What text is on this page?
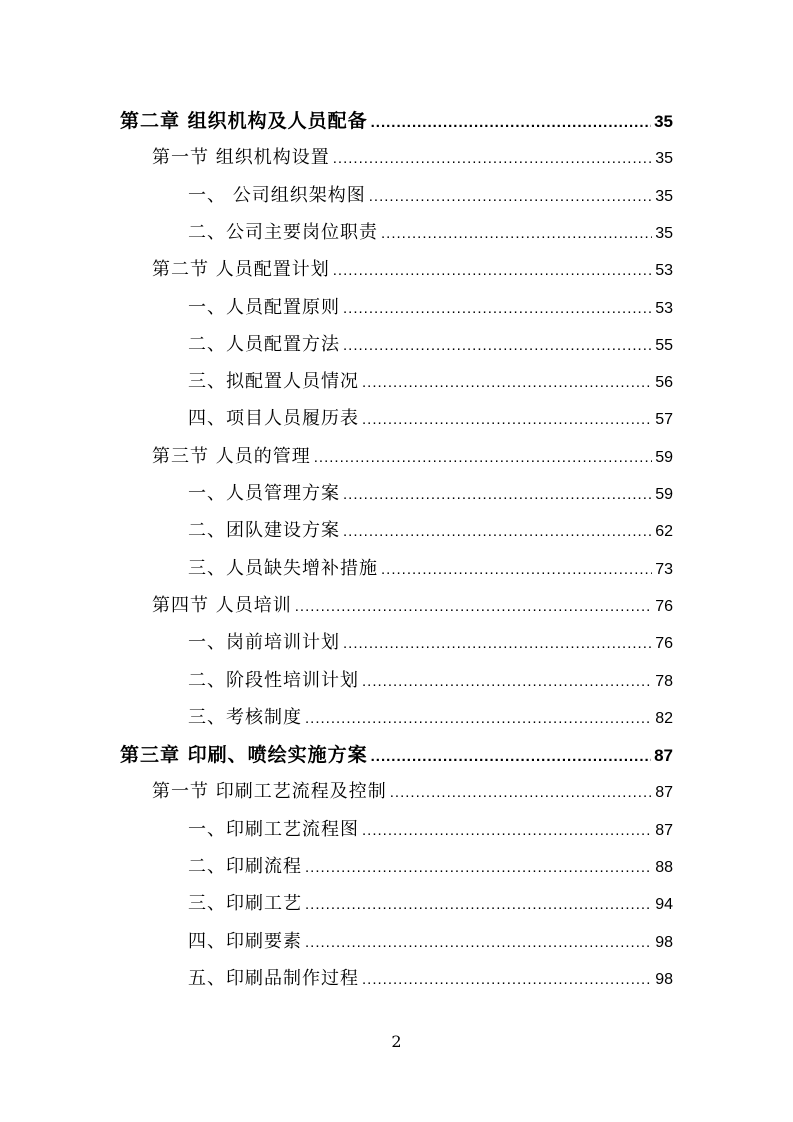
第二章 组织机构及人员配备 .....	35
第一节 组织机构设置 .....	35
一、 公司组织架构图 .....	35
二、公司主要岗位职责 .....	35
第二节 人员配置计划 .....	53
一、人员配置原则 .....	53
二、人员配置方法 .....	55
三、拟配置人员情况 .....	56
四、项目人员履历表 .....	57
第三节 人员的管理 .....	59
一、人员管理方案 .....	59
二、团队建设方案 .....	62
三、人员缺失增补措施 .....	73
第四节 人员培训 .....	76
一、岗前培训计划 .....	76
二、阶段性培训计划 .....	78
三、考核制度 .....	82
第三章 印刷、喷绘实施方案 .....	87
第一节 印刷工艺流程及控制 .....	87
一、印刷工艺流程图 .....	87
二、印刷流程 .....	88
三、印刷工艺 .....	94
四、印刷要素 .....	98
五、印刷品制作过程 .....	98
2
